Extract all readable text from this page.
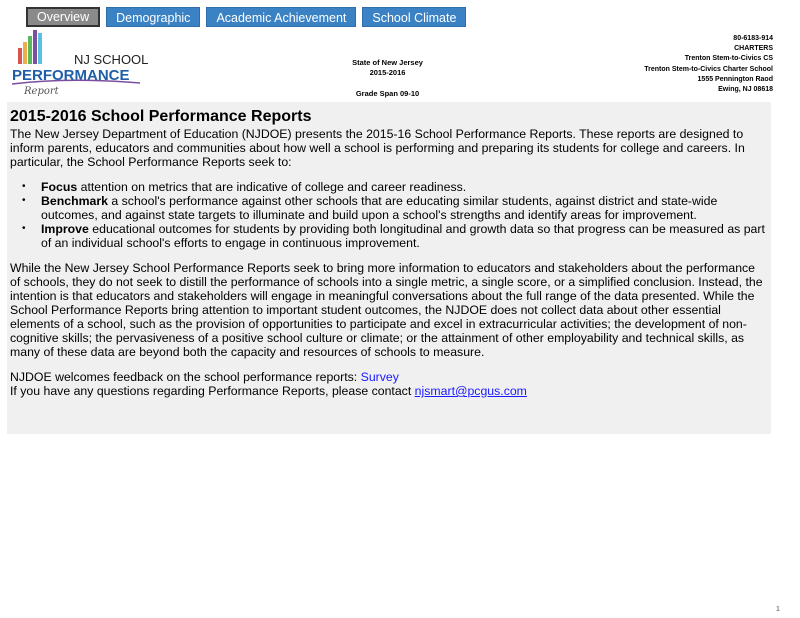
Overview	Demographic	Academic Achievement	School Climate
NJ SCHOOL
PERFORMANCE
Report
State of New Jersey
2015-2016
Grade Span 09-10
80-6183-914
CHARTERS
Trenton Stem-to-Civics CS
Trenton Stem-to-Civics Charter School
1555 Pennington Raod
Ewing, NJ 08618
2015-2016 School Performance Reports

The New Jersey Department of Education (NJDOE) presents the 2015-16 School Performance Reports. These reports are designed to inform parents, educators and communities about how well a school is performing and preparing its students for college and careers. In particular, the School Performance Reports seek to:

• Focus attention on metrics that are indicative of college and career readiness.
• Benchmark a school's performance against other schools that are educating similar students, against district and state-wide outcomes, and against state targets to illuminate and build upon a school's strengths and identify areas for improvement.
• Improve educational outcomes for students by providing both longitudinal and growth data so that progress can be measured as part of an individual school's efforts to engage in continuous improvement.

While the New Jersey School Performance Reports seek to bring more information to educators and stakeholders about the performance of schools, they do not seek to distill the performance of schools into a single metric, a single score, or a simplified conclusion. Instead, the intention is that educators and stakeholders will engage in meaningful conversations about the full range of the data presented. While the School Performance Reports bring attention to important student outcomes, the NJDOE does not collect data about other essential elements of a school, such as the provision of opportunities to participate and excel in extracurricular activities; the development of non-cognitive skills; the pervasiveness of a positive school culture or climate; or the attainment of other employability and technical skills, as many of these data are beyond both the capacity and resources of schools to measure.

NJDOE welcomes feedback on the school performance reports: Survey

If you have any questions regarding Performance Reports, please contact njsmart@pcgus.com

1
